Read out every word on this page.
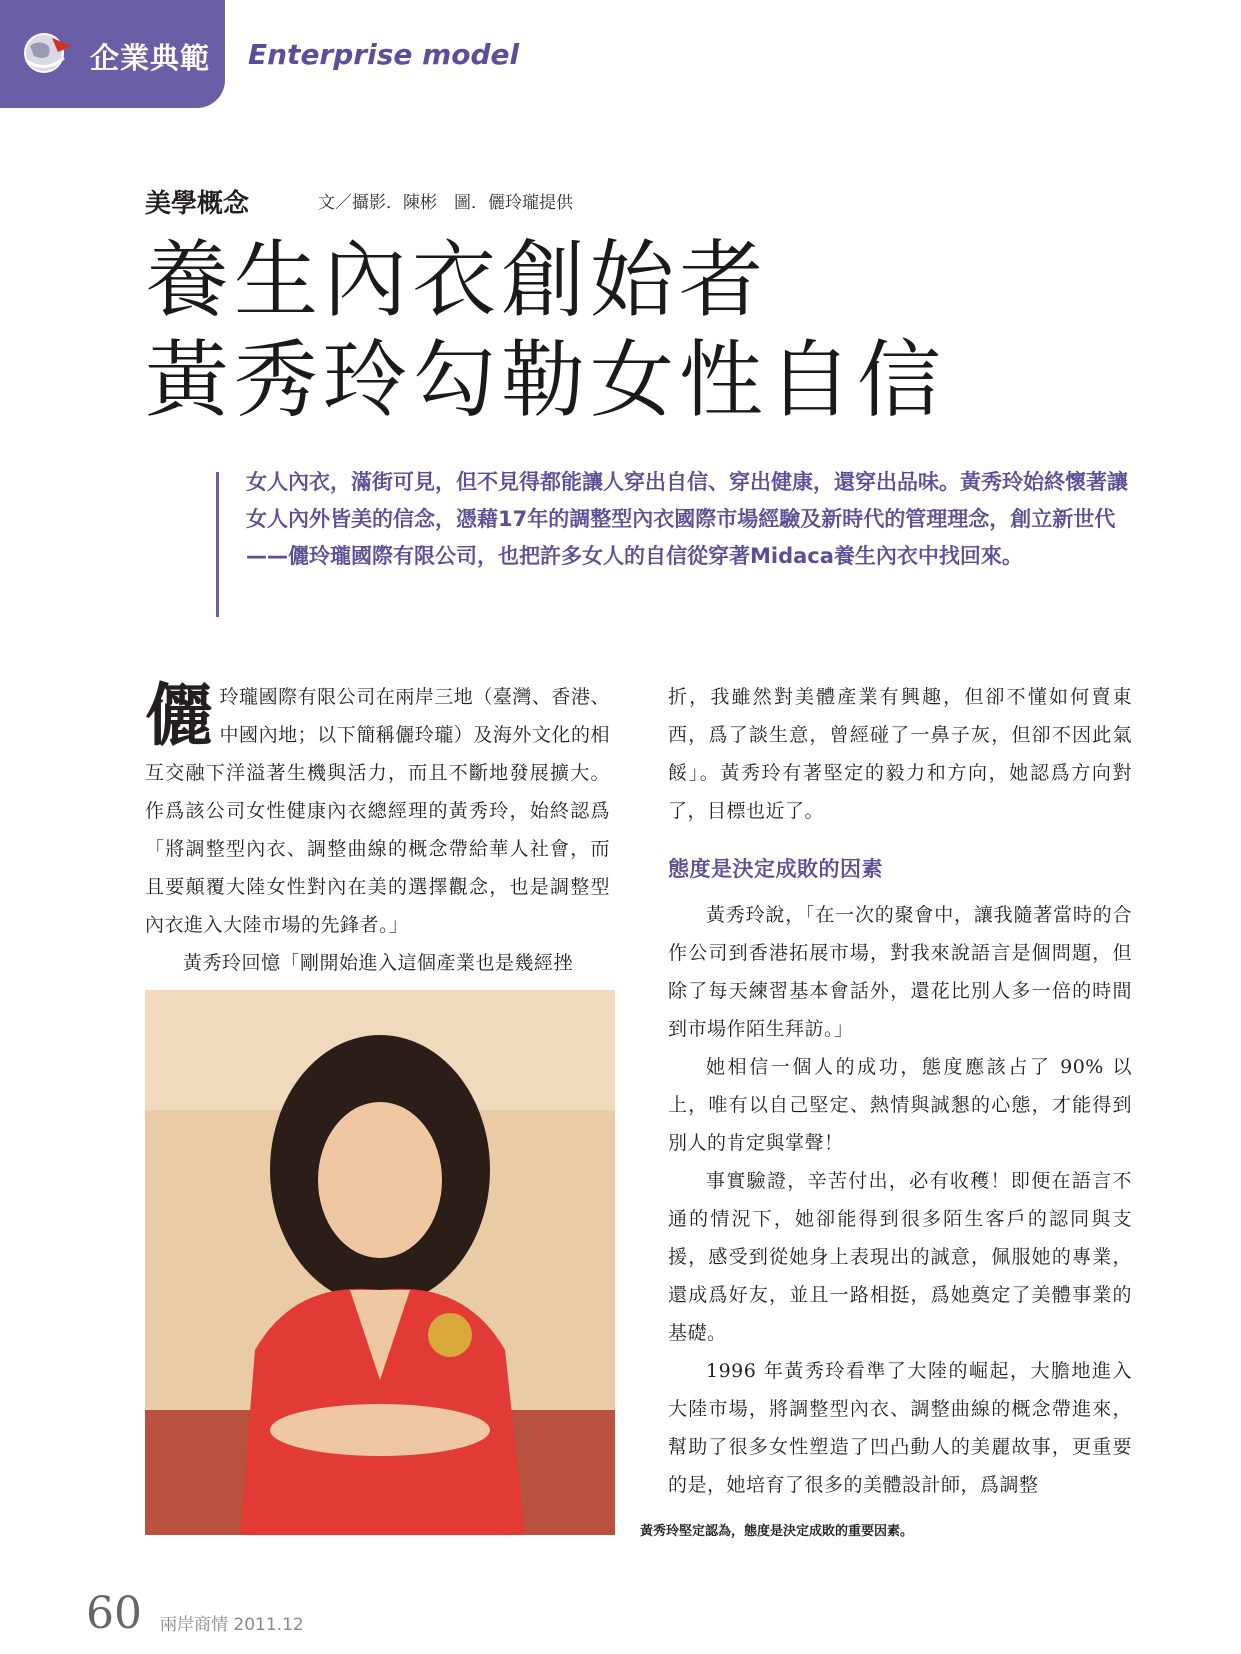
企業典範 Enterprise model
美學概念	文／攝影．陳彬　圖．儷玲瓏提供
養生內衣創始者
黃秀玲勾勒女性自信
女人內衣，滿街可見，但不見得都能讓人穿出自信、穿出健康，還穿出品味。黃秀玲始終懷著讓女人內外皆美的信念，憑藉17年的調整型內衣國際市場經驗及新時代的管理理念，創立新世代——儷玲瓏國際有限公司，也把許多女人的自信從穿著Midaca養生內衣中找回來。

儷 玲瓏國際有限公司在兩岸三地（臺灣、香港、中國內地；以下簡稱儷玲瓏）及海外文化的相互交融下洋溢著生機與活力，而且不斷地發展擴大。作爲該公司女性健康內衣總經理的黃秀玲，始終認爲「將調整型內衣、調整曲線的概念帶給華人社會，而且要顛覆大陸女性對內在美的選擇觀念，也是調整型內衣進入大陸市場的先鋒者。」

黃秀玲回憶「剛開始進入這個產業也是幾經挫

折，我雖然對美體產業有興趣，但卻不懂如何賣東西，爲了談生意，曾經碰了一鼻子灰，但卻不因此氣餒」。黃秀玲有著堅定的毅力和方向，她認爲方向對了，目標也近了。

態度是決定成敗的因素

黃秀玲說，「在一次的聚會中，讓我隨著當時的合作公司到香港拓展市場，對我來說語言是個問題，但除了每天練習基本會話外，還花比別人多一倍的時間到市場作陌生拜訪。」

她相信一個人的成功，態度應該占了 90% 以上，唯有以自己堅定、熱情與誠懇的心態，才能得到別人的肯定與掌聲！

事實驗證，辛苦付出，必有收穫！即便在語言不通的情況下，她卻能得到很多陌生客戶的認同與支援，感受到從她身上表現出的誠意，佩服她的專業，還成爲好友，並且一路相挺，爲她奠定了美體事業的基礎。

1996 年黃秀玲看準了大陸的崛起，大膽地進入大陸市場，將調整型內衣、調整曲線的概念帶進來，幫助了很多女性塑造了凹凸動人的美麗故事，更重要的是，她培育了很多的美體設計師，爲調整

黃秀玲堅定認為，態度是決定成敗的重要因素。
60 兩岸商情 2011.12
